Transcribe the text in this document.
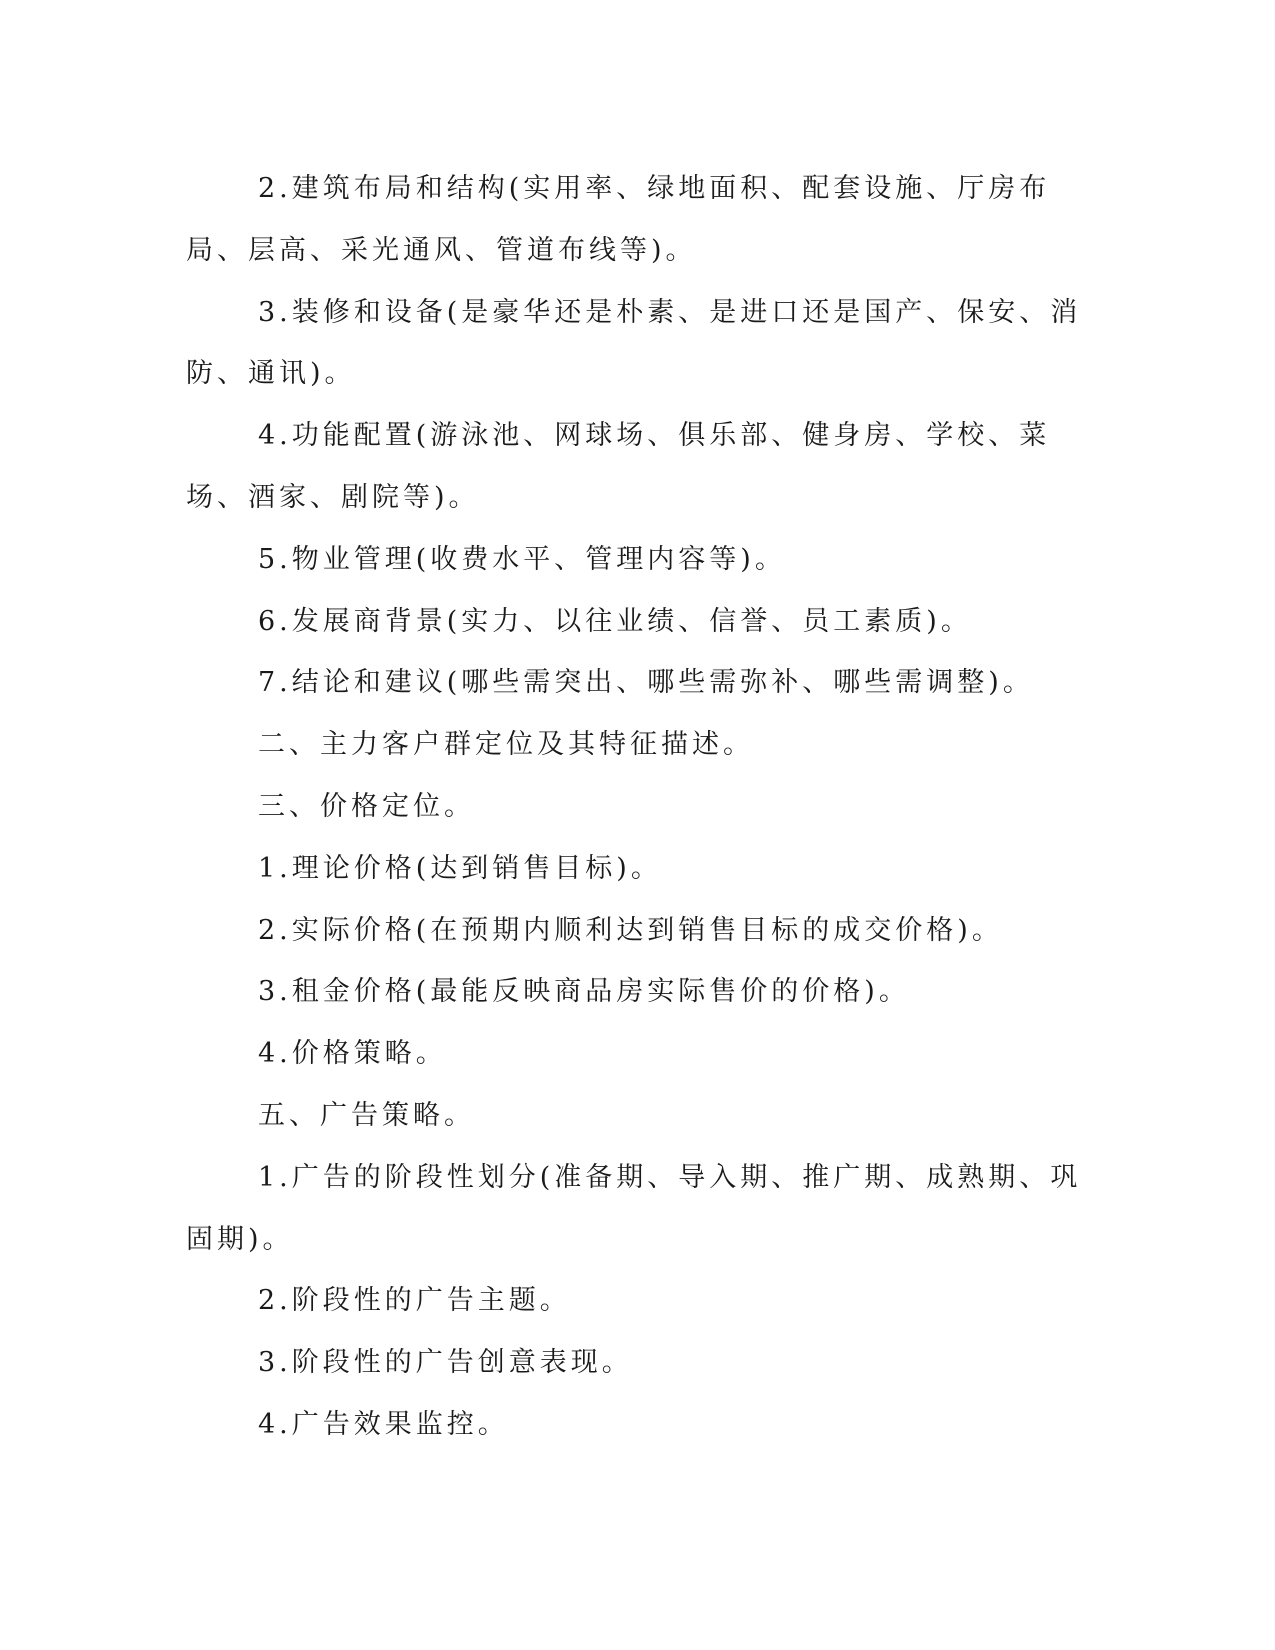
2.建筑布局和结构(实用率、绿地面积、配套设施、厅房布局、层高、采光通风、管道布线等)。

3.装修和设备(是豪华还是朴素、是进口还是国产、保安、消防、通讯)。

4.功能配置(游泳池、网球场、俱乐部、健身房、学校、菜场、酒家、剧院等)。

5.物业管理(收费水平、管理内容等)。

6.发展商背景(实力、以往业绩、信誉、员工素质)。

7.结论和建议(哪些需突出、哪些需弥补、哪些需调整)。

二、主力客户群定位及其特征描述。

三、价格定位。

1.理论价格(达到销售目标)。

2.实际价格(在预期内顺利达到销售目标的成交价格)。

3.租金价格(最能反映商品房实际售价的价格)。

4.价格策略。

五、广告策略。

1.广告的阶段性划分(准备期、导入期、推广期、成熟期、巩固期)。

2.阶段性的广告主题。

3.阶段性的广告创意表现。

4.广告效果监控。
